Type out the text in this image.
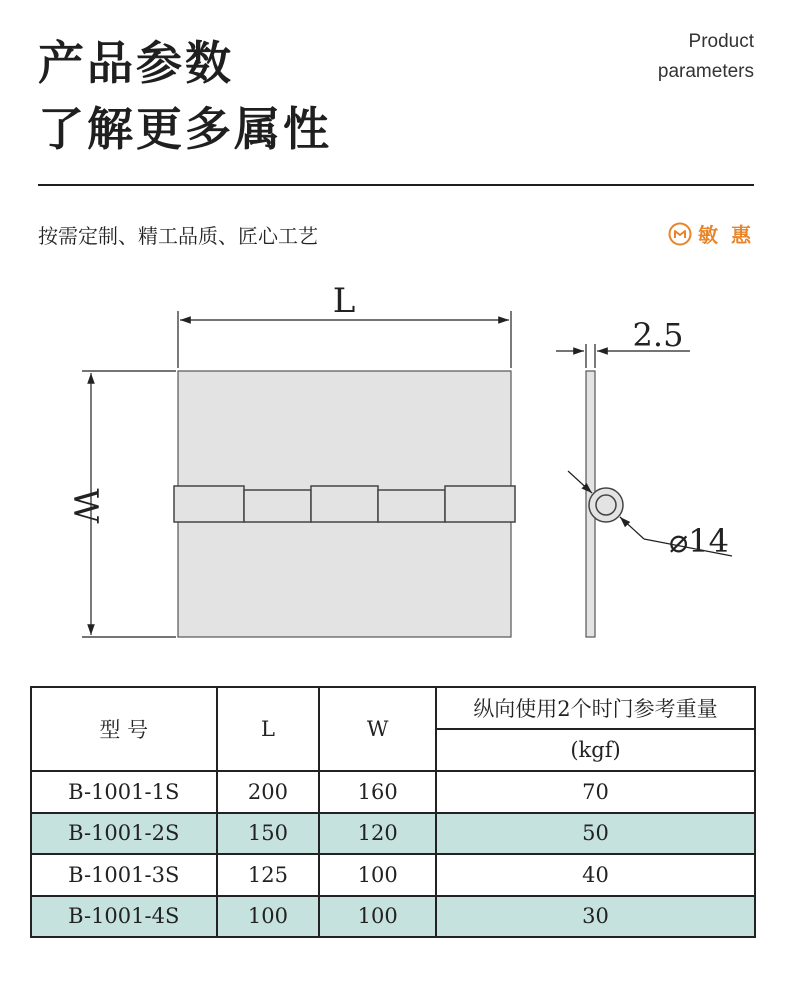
产品参数
了解更多属性
Product
parameters
按需定制、精工品质、匠心工艺	敏 惠
L
W
2.5
⌀14
型 号	L	W	纵向使用2个时门参考重量
			(kgf)
B-1001-1S	200	160	70
B-1001-2S	150	120	50
B-1001-3S	125	100	40
B-1001-4S	100	100	30
